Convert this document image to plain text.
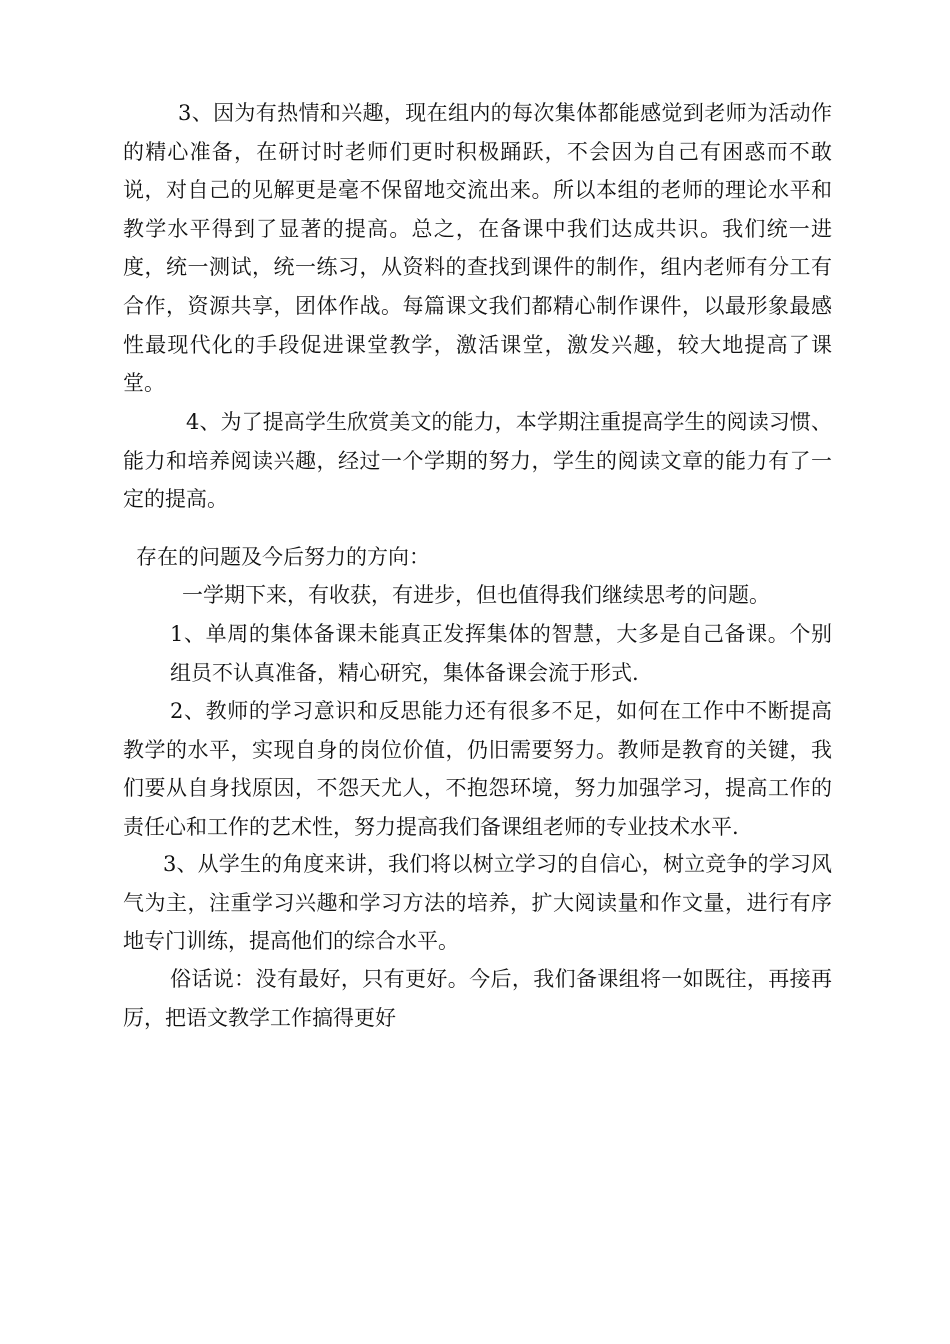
3、因为有热情和兴趣，现在组内的每次集体都能感觉到老师为活动作的精心准备，在研讨时老师们更时积极踊跃，不会因为自己有困惑而不敢说，对自己的见解更是毫不保留地交流出来。所以本组的老师的理论水平和教学水平得到了显著的提高。总之，在备课中我们达成共识。我们统一进度，统一测试，统一练习，从资料的查找到课件的制作，组内老师有分工有合作，资源共享，团体作战。每篇课文我们都精心制作课件，以最形象最感性最现代化的手段促进课堂教学，激活课堂，激发兴趣，较大地提高了课堂。

4、为了提高学生欣赏美文的能力，本学期注重提高学生的阅读习惯、能力和培养阅读兴趣，经过一个学期的努力，学生的阅读文章的能力有了一定的提高。

存在的问题及今后努力的方向：

一学期下来，有收获，有进步，但也值得我们继续思考的问题。

1、单周的集体备课未能真正发挥集体的智慧，大多是自己备课。个别组员不认真准备，精心研究，集体备课会流于形式.

2、教师的学习意识和反思能力还有很多不足，如何在工作中不断提高教学的水平，实现自身的岗位价值，仍旧需要努力。教师是教育的关键，我们要从自身找原因，不怨天尤人，不抱怨环境，努力加强学习，提高工作的责任心和工作的艺术性，努力提高我们备课组老师的专业技术水平.

3、从学生的角度来讲，我们将以树立学习的自信心，树立竞争的学习风气为主，注重学习兴趣和学习方法的培养，扩大阅读量和作文量，进行有序地专门训练，提高他们的综合水平。

俗话说：没有最好，只有更好。今后，我们备课组将一如既往，再接再厉，把语文教学工作搞得更好
